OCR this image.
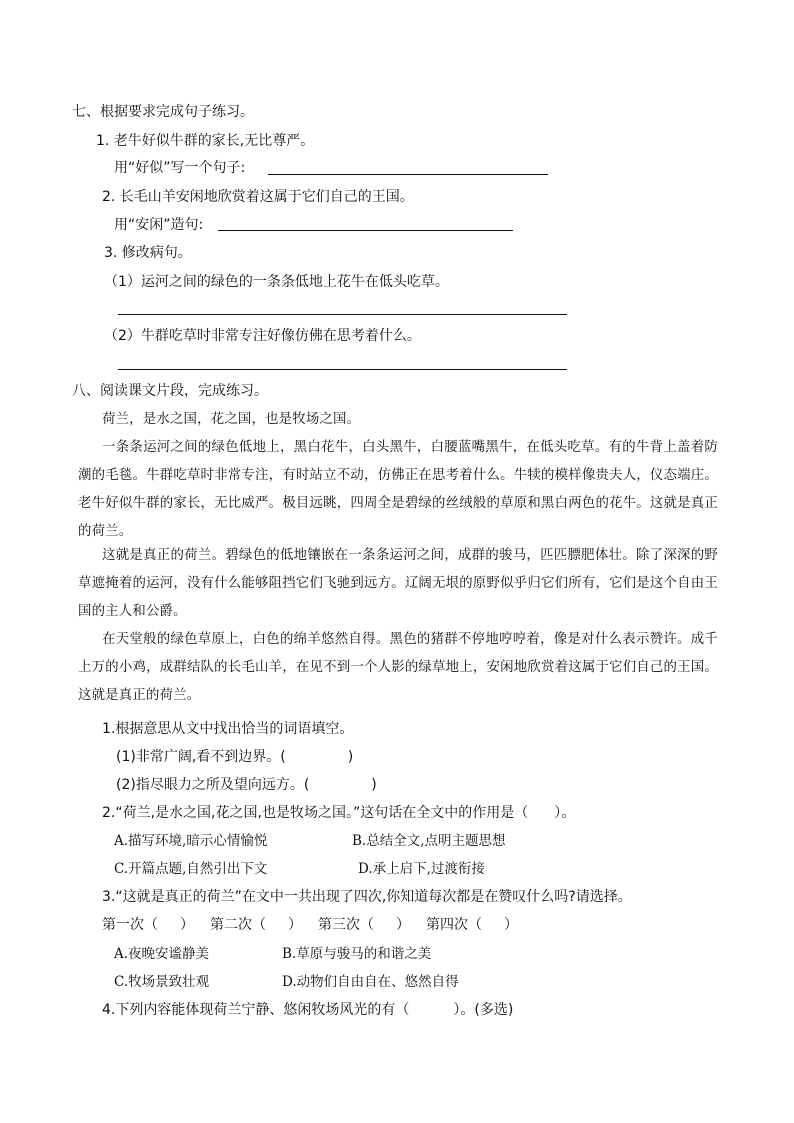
七、根据要求完成句子练习。
1. 老牛好似牛群的家长,无比尊严。
用“好似”写一个句子:
2. 长毛山羊安闲地欣赏着这属于它们自己的王国。
用“安闲”造句:
3. 修改病句。
（1）运河之间的绿色的一条条低地上花牛在低头吃草。
（2）牛群吃草时非常专注好像仿佛在思考着什么。
八、阅读课文片段，完成练习。
荷兰，是水之国，花之国，也是牧场之国。
一条条运河之间的绿色低地上，黑白花牛，白头黑牛，白腰蓝嘴黑牛，在低头吃草。有的牛背上盖着防潮的毛毯。牛群吃草时非常专注，有时站立不动，仿佛正在思考着什么。牛犊的模样像贵夫人，仪态端庄。老牛好似牛群的家长，无比威严。极目远眺，四周全是碧绿的丝绒般的草原和黑白两色的花牛。这就是真正的荷兰。
这就是真正的荷兰。碧绿色的低地镶嵌在一条条运河之间，成群的骏马，匹匹膘肥体壮。除了深深的野草遮掩着的运河，没有什么能够阻挡它们飞驰到远方。辽阔无垠的原野似乎归它们所有，它们是这个自由王国的主人和公爵。
在天堂般的绿色草原上，白色的绵羊悠然自得。黑色的猪群不停地哼哼着，像是对什么表示赞许。成千上万的小鸡，成群结队的长毛山羊，在见不到一个人影的绿草地上，安闲地欣赏着这属于它们自己的王国。这就是真正的荷兰。
1.根据意思从文中找出恰当的词语填空。
(1)非常广阔,看不到边界。(	)
(2)指尽眼力之所及望向远方。(	)
2.“荷兰,是水之国,花之国,也是牧场之国。”这句话在全文中的作用是（ ）。
A.描写环境,暗示心情愉悦	B.总结全文,点明主题思想
C.开篇点题,自然引出下文	D.承上启下,过渡衔接
3.“这就是真正的荷兰”在文中一共出现了四次,你知道每次都是在赞叹什么吗?请选择。
第一次（ ） 第二次（ ） 第三次（ ） 第四次（ ）
A.夜晚安谧静美	B.草原与骏马的和谐之美
C.牧场景致壮观	D.动物们自由自在、悠然自得
4.下列内容能体现荷兰宁静、悠闲牧场风光的有（	）。(多选)
